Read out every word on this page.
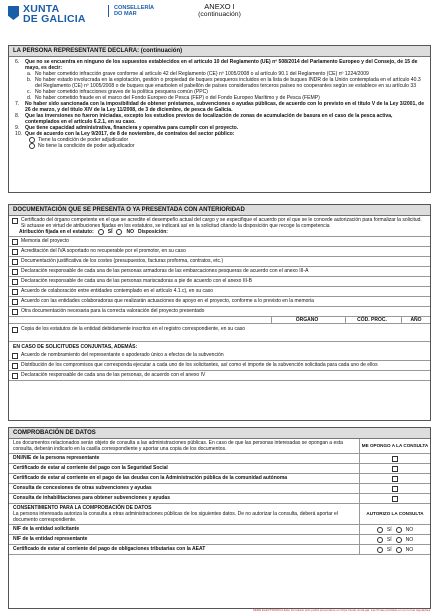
XUNTA
DE GALICIA
CONSELLERÍA
DO MAR
ANEXO I
(continuación)
LA PERSONA REPRESENTANTE DECLARA: (continuación)
6.	Que no se encuentra en ninguno de los supuestos establecidos en el artículo 10 del Reglamento (UE) nº 508/2014 del Parlamento Europeo y del Consejo, de 15 de mayo, es decir:
a. No haber cometido infracción grave conforme al artículo 42 del Reglamento (CE) nº 1005/2008 o al artículo 90.1 del Reglamento (CE) nº 1224/2009
b. No haber estado involucrada en la explotación, gestión o propiedad de buques pesqueros incluidos en la lista de buques INDR de la Unión contemplada en el artículo 40.3 del Reglamento (CE) nº 1005/2008 o de buques que enarbolen el pabellón de países considerados terceros países no cooperantes según se establece en su artículo 33
c. No haber cometido infracciones graves de la política pesquera común (PPC)
d. No haber cometido fraude en el marco del Fondo Europeo de Pesca (FEP) o del Fondo Europeo Marítimo y de Pesca (FEMP)
7.	No haber sido sancionada con la imposibilidad de obtener préstamos, subvenciones o ayudas públicas, de acuerdo con lo previsto en el título V de la Ley 3/2001, de 26 de marzo, y del título XIV de la Ley 11/2008, de 3 de diciembre, de pesca de Galicia.
8.	Que las inversiones no fueron iniciadas, excepto los estudios previos de localización de zonas de acumulación de basura en el caso de la pesca activa, contemplados en el artículo 6.2.1, en su caso.
9.	Que tiene capacidad administrativa, financiera y operativa para cumplir con el proyecto.
10. Que de acuerdo con la Ley 9/2017, de 8 de noviembre, de contratos del sector público:
Tiene la condición de poder adjudicador
No tiene la condición de poder adjudicador
DOCUMENTACIÓN QUE SE PRESENTA O YA PRESENTADA CON ANTERIORIDAD
Certificado del órgano competente en el que se acredite el desempeño actual del cargo y se especifique el acuerdo por el que se le concede autorización para formalizar la solicitud. Si actuase en virtud de atribuciones fijadas en los estatutos, se indicará así en la solicitud citando la disposición que recoge la competencia
Atribución fijada en el estatuto:	SÍ	NO Disposición:
Memoria del proyecto
Acreditación del IVA soportado no recuperable por el promotor, en su caso
Documentación justificativa de los costes (presupuestos, facturas proforma, contratos, etc.)
Declaración responsable de cada una de las personas armadoras de las embarcaciones pesqueras de acuerdo con el anexo III-A
Declaración responsable de cada una de las personas mariscadoras a pie de acuerdo con el anexo III-B
Acuerdo de colaboración entre entidades contemplado en el artículo 4.1.c), en su caso
Acuerdo con las entidades colaboradoras que realizarán actuaciones de apoyo en el proyecto, conforme a lo previsto en la memoria
Otra documentación necesaria para la correcta valoración del proyecto presentado
ÓRGANO	CÓD. PROC.	AÑO
Copia de los estatutos de la entidad debidamente inscritos en el registro correspondiente, en su caso
EN CASO DE SOLICITUDES CONJUNTAS, ADEMÁS:
Acuerdo de nombramiento del representante o apoderado único a efectos de la subvención
Distribución de los compromisos que corresponda ejecutar a cada uno de los solicitantes, así como el importe de la subvención solicitada para cada uno de ellos
Declaración responsable de cada una de las personas, de acuerdo con el anexo IV
COMPROBACIÓN DE DATOS
Los documentos relacionados serán objeto de consulta a las administraciones públicas. En caso de que las personas interesadas se opongan a esta consulta, deberán indicarlo en la casilla correspondiente y aportar una copia de los documentos.
ME OPONGO A LA CONSULTA
DNI/NIE de la persona representante
Certificado de estar al corriente del pago con la Seguridad Social
Certificado de estar al corriente en el pago de las deudas con la Administración pública de la comunidad autónoma
Consulta de concesiones de otras subvenciones y ayudas
Consulta de inhabilitaciones para obtener subvenciones y ayudas
CONSENTIMIENTO PARA LA COMPROBACIÓN DE DATOS
La persona interesada autoriza la consulta a otras administraciones públicas de los siguientes datos. De no autorizar la consulta, deberá aportar el documento correspondiente.
AUTORIZO LA CONSULTA
NIF de la entidad solicitante	SÍ	NO
NIF de la entidad representante	SÍ	NO
Certificado de estar al corriente del pago de obligaciones tributarias con la AEAT	SÍ	NO
SEDE ELECTRÓNICA Este formulario solo podrá presentarse en https://sede.xunta.gal. Las firmas previstas en su norma reguladora.
